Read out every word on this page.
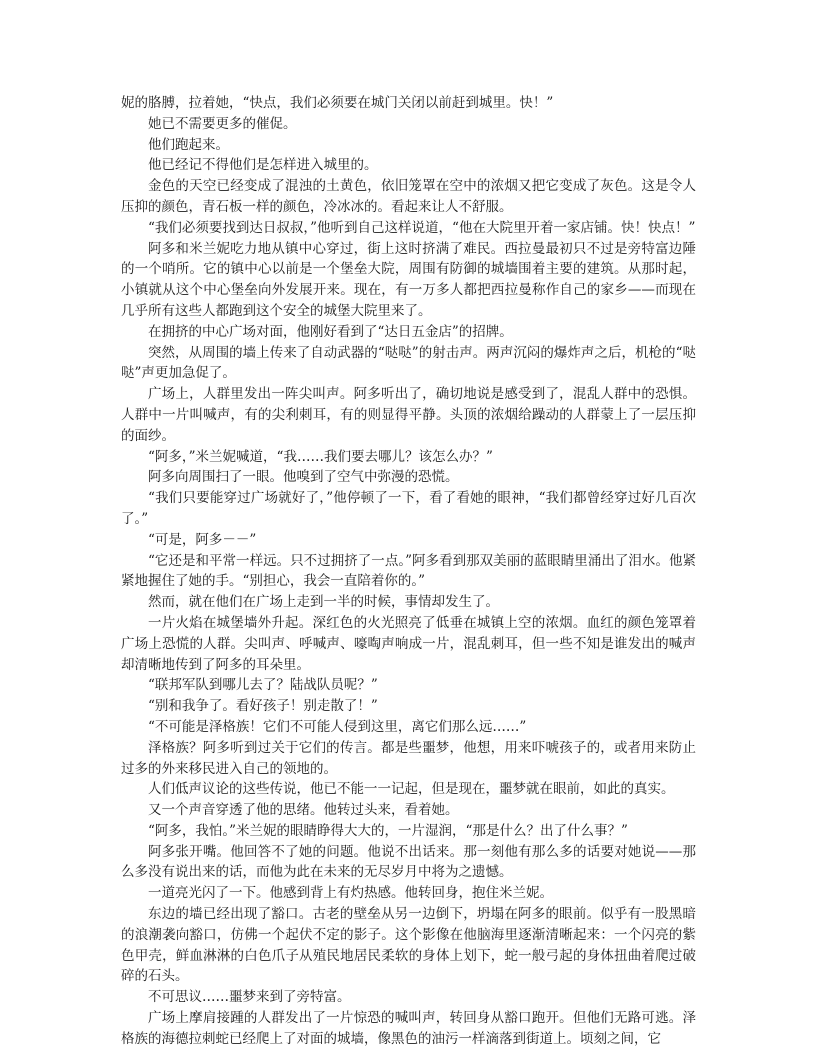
妮的胳膊，拉着她，“快点，我们必须要在城门关闭以前赶到城里。快！”

她已不需要更多的催促。

他们跑起来。

他已经记不得他们是怎样进入城里的。

金色的天空已经变成了混浊的土黄色，依旧笼罩在空中的浓烟又把它变成了灰色。这是令人压抑的颜色，青石板一样的颜色，冷冰冰的。看起来让人不舒服。

“我们必须要找到达日叔叔，”他听到自己这样说道，“他在大院里开着一家店铺。快！快点！”

阿多和米兰妮吃力地从镇中心穿过，街上这时挤满了难民。西拉曼最初只不过是旁特富边陲的一个哨所。它的镇中心以前是一个堡垒大院，周围有防御的城墙围着主要的建筑。从那时起，小镇就从这个中心堡垒向外发展开来。现在，有一万多人都把西拉曼称作自己的家乡——而现在几乎所有这些人都跑到这个安全的城堡大院里来了。

在拥挤的中心广场对面，他刚好看到了“达日五金店”的招牌。

突然，从周围的墙上传来了自动武器的“哒哒”的射击声。两声沉闷的爆炸声之后，机枪的“哒哒”声更加急促了。

广场上，人群里发出一阵尖叫声。阿多听出了，确切地说是感受到了，混乱人群中的恐惧。人群中一片叫喊声，有的尖利刺耳，有的则显得平静。头顶的浓烟给躁动的人群蒙上了一层压抑的面纱。

“阿多，”米兰妮喊道，“我……我们要去哪儿？该怎么办？”

阿多向周围扫了一眼。他嗅到了空气中弥漫的恐慌。

“我们只要能穿过广场就好了，”他停顿了一下，看了看她的眼神，“我们都曾经穿过好几百次了。”

“可是，阿多－－”

“它还是和平常一样远。只不过拥挤了一点。”阿多看到那双美丽的蓝眼睛里涌出了泪水。他紧紧地握住了她的手。“别担心，我会一直陪着你的。”

然而，就在他们在广场上走到一半的时候，事情却发生了。

一片火焰在城堡墙外升起。深红色的火光照亮了低垂在城镇上空的浓烟。血红的颜色笼罩着广场上恐慌的人群。尖叫声、呼喊声、嚎啕声响成一片，混乱刺耳，但一些不知是谁发出的喊声却清晰地传到了阿多的耳朵里。

“联邦军队到哪儿去了？陆战队员呢？”

“别和我争了。看好孩子！别走散了！”

“不可能是泽格族！它们不可能人侵到这里，离它们那么远……”

泽格族？阿多听到过关于它们的传言。都是些噩梦，他想，用来吓唬孩子的，或者用来防止过多的外来移民进入自己的领地的。

人们低声议论的这些传说，他已不能一一记起，但是现在，噩梦就在眼前，如此的真实。

又一个声音穿透了他的思绪。他转过头来，看着她。

“阿多，我怕。”米兰妮的眼睛睁得大大的，一片湿润，“那是什么？出了什么事？”

阿多张开嘴。他回答不了她的问题。他说不出话来。那一刻他有那么多的话要对她说——那么多没有说出来的话，而他为此在未来的无尽岁月中将为之遗憾。

一道亮光闪了一下。他感到背上有灼热感。他转回身，抱住米兰妮。

东边的墙已经出现了豁口。古老的壁垒从另一边倒下，坍塌在阿多的眼前。似乎有一股黑暗的浪潮袭向豁口，仿佛一个起伏不定的影子。这个影像在他脑海里逐渐清晰起来：一个闪亮的紫色甲壳，鲜血淋淋的白色爪子从殖民地居民柔软的身体上划下，蛇一般弓起的身体扭曲着爬过破碎的石头。

不可思议……噩梦来到了旁特富。

广场上摩肩接踵的人群发出了一片惊恐的喊叫声，转回身从豁口跑开。但他们无路可逃。泽格族的海德拉刺蛇已经爬上了对面的城墙，像黑色的油污一样滴落到街道上。顷刻之间，它
